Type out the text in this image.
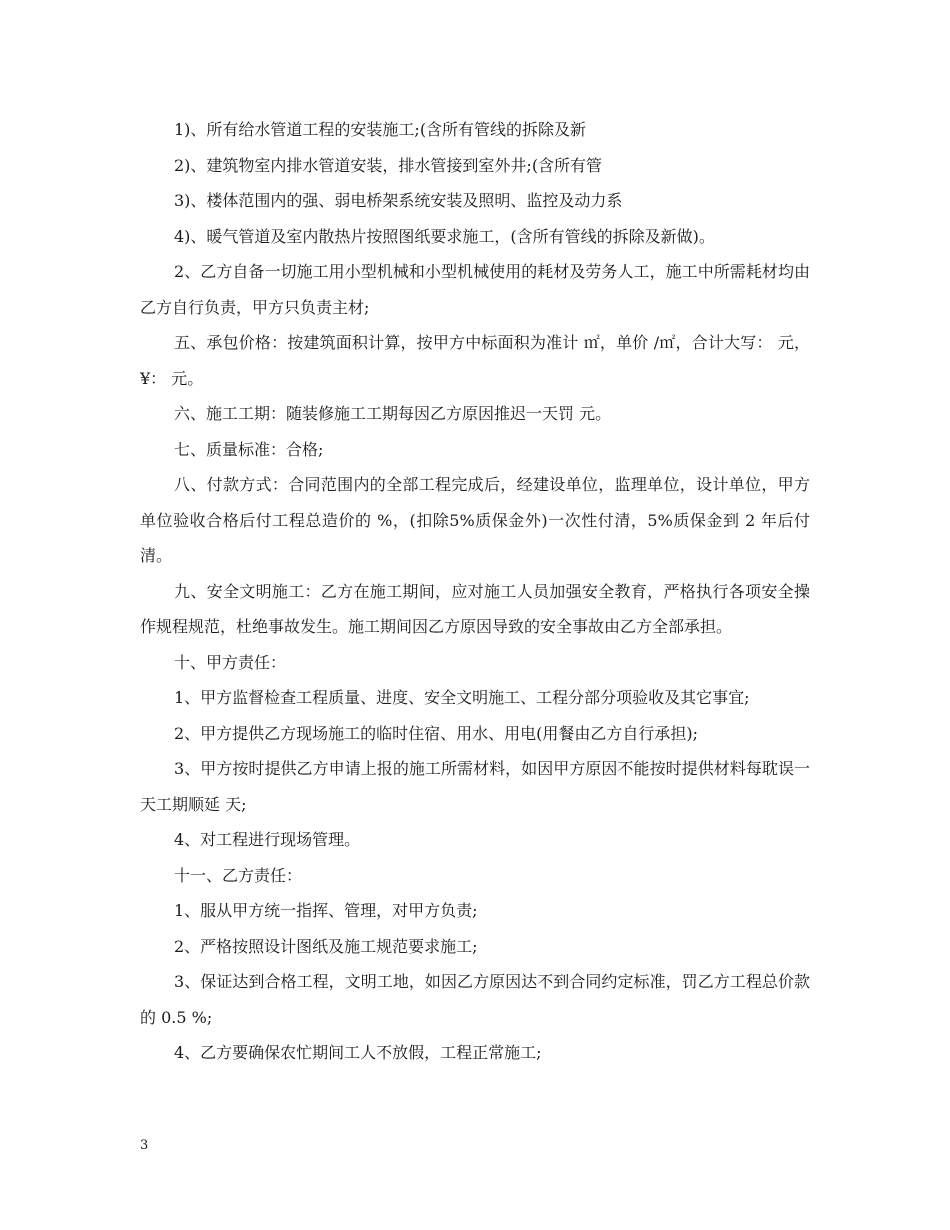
1)、所有给水管道工程的安装施工;(含所有管线的拆除及新

2)、建筑物室内排水管道安装，排水管接到室外井;(含所有管

3)、楼体范围内的强、弱电桥架系统安装及照明、监控及动力系

4)、暖气管道及室内散热片按照图纸要求施工，(含所有管线的拆除及新做)。

2、乙方自备一切施工用小型机械和小型机械使用的耗材及劳务人工，施工中所需耗材均由乙方自行负责，甲方只负责主材;

五、承包价格：按建筑面积计算，按甲方中标面积为准计 ㎡，单价 /㎡，合计大写： 元，¥： 元。

六、施工工期：随装修施工工期每因乙方原因推迟一天罚 元。

七、质量标准：合格;

八、付款方式：合同范围内的全部工程完成后，经建设单位，监理单位，设计单位，甲方单位验收合格后付工程总造价的 %，(扣除5%质保金外)一次性付清，5%质保金到 2 年后付清。

九、安全文明施工：乙方在施工期间，应对施工人员加强安全教育，严格执行各项安全操作规程规范，杜绝事故发生。施工期间因乙方原因导致的安全事故由乙方全部承担。

十、甲方责任：

1、甲方监督检查工程质量、进度、安全文明施工、工程分部分项验收及其它事宜;

2、甲方提供乙方现场施工的临时住宿、用水、用电(用餐由乙方自行承担);

3、甲方按时提供乙方申请上报的施工所需材料，如因甲方原因不能按时提供材料每耽误一天工期顺延 天;

4、对工程进行现场管理。

十一、乙方责任：

1、服从甲方统一指挥、管理，对甲方负责;

2、严格按照设计图纸及施工规范要求施工;

3、保证达到合格工程，文明工地，如因乙方原因达不到合同约定标准，罚乙方工程总价款的 0.5 %;

4、乙方要确保农忙期间工人不放假，工程正常施工;

3
